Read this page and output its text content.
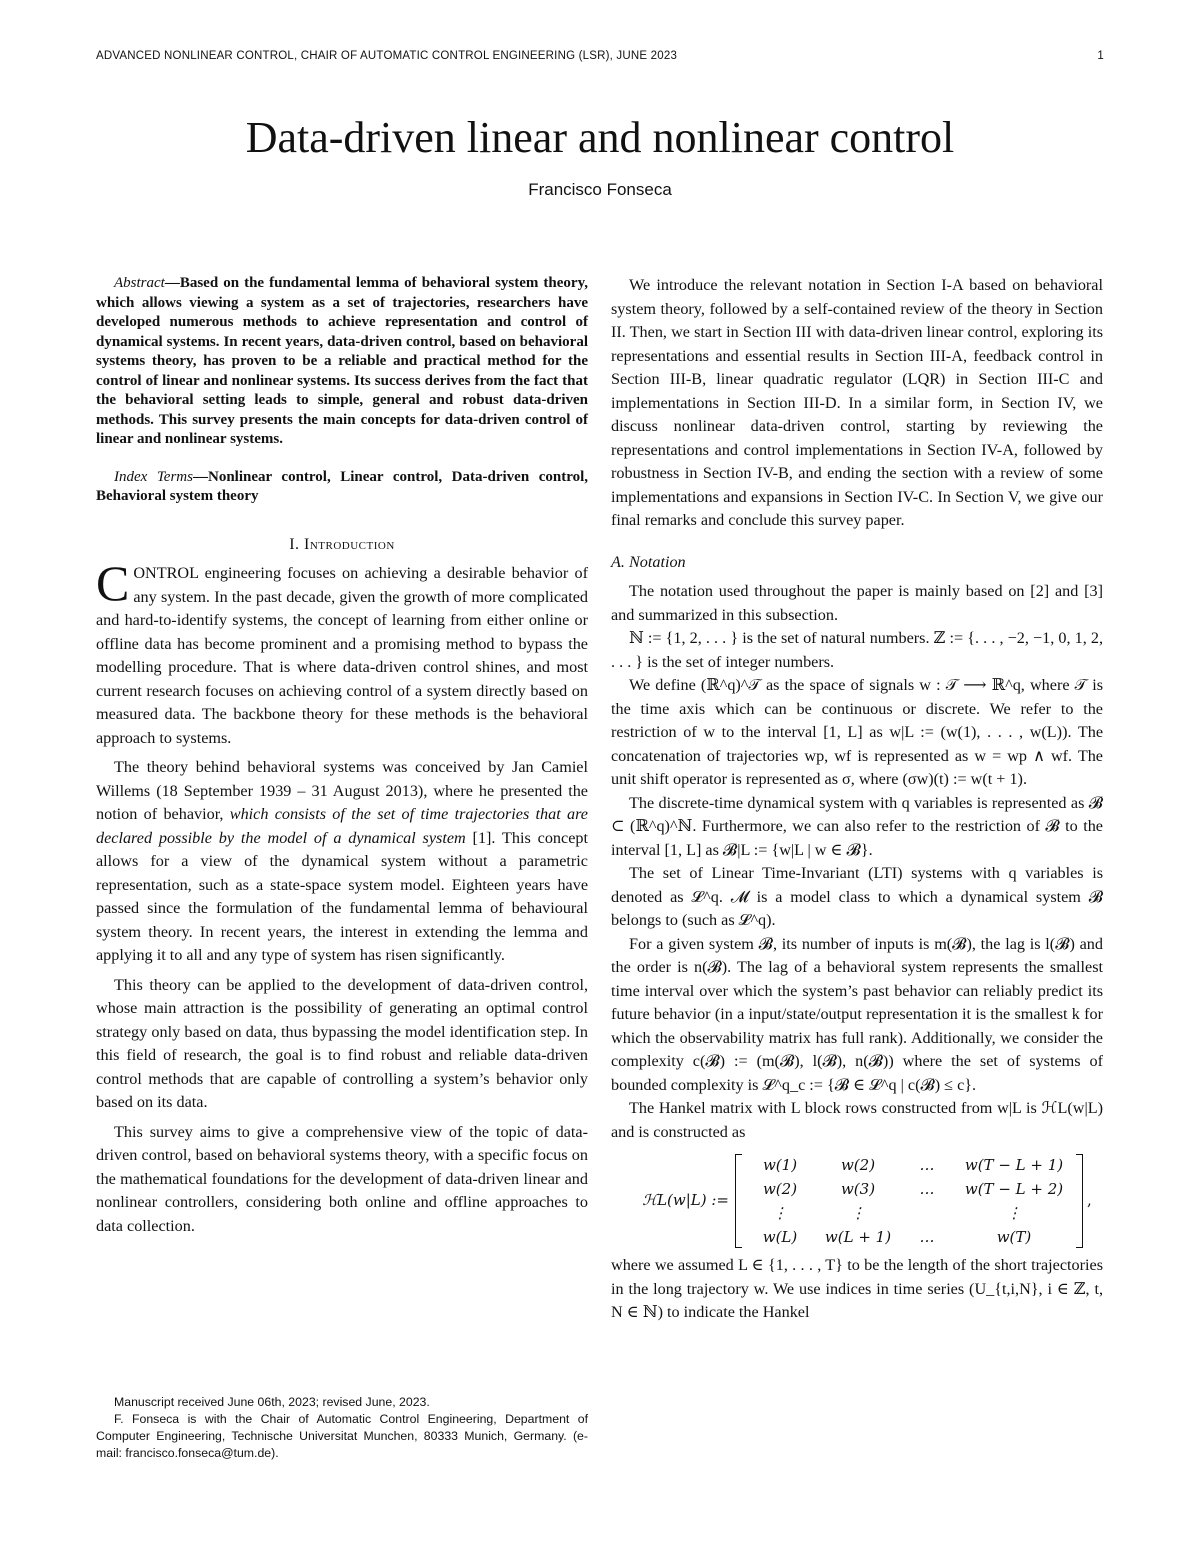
ADVANCED NONLINEAR CONTROL, CHAIR OF AUTOMATIC CONTROL ENGINEERING (LSR), JUNE 2023	1
Data-driven linear and nonlinear control
Francisco Fonseca

Abstract—Based on the fundamental lemma of behavioral system theory, which allows viewing a system as a set of trajectories, researchers have developed numerous methods to achieve representation and control of dynamical systems. In recent years, data-driven control, based on behavioral systems theory, has proven to be a reliable and practical method for the control of linear and nonlinear systems. Its success derives from the fact that the behavioral setting leads to simple, general and robust data-driven methods. This survey presents the main concepts for data-driven control of linear and nonlinear systems.

Index Terms—Nonlinear control, Linear control, Data-driven control, Behavioral system theory

I. Introduction

CONTROL engineering focuses on achieving a desirable behavior of any system. In the past decade, given the growth of more complicated and hard-to-identify systems, the concept of learning from either online or offline data has become prominent and a promising method to bypass the modelling procedure. That is where data-driven control shines, and most current research focuses on achieving control of a system directly based on measured data. The backbone theory for these methods is the behavioral approach to systems.

The theory behind behavioral systems was conceived by Jan Camiel Willems (18 September 1939 – 31 August 2013), where he presented the notion of behavior, which consists of the set of time trajectories that are declared possible by the model of a dynamical system [1]. This concept allows for a view of the dynamical system without a parametric representation, such as a state-space system model. Eighteen years have passed since the formulation of the fundamental lemma of behavioural system theory. In recent years, the interest in extending the lemma and applying it to all and any type of system has risen significantly.

This theory can be applied to the development of data-driven control, whose main attraction is the possibility of generating an optimal control strategy only based on data, thus bypassing the model identification step. In this field of research, the goal is to find robust and reliable data-driven control methods that are capable of controlling a system’s behavior only based on its data.

This survey aims to give a comprehensive view of the topic of data-driven control, based on behavioral systems theory, with a specific focus on the mathematical foundations for the development of data-driven linear and nonlinear controllers, considering both online and offline approaches to data collection.

Manuscript received June 06th, 2023; revised June, 2023.

F. Fonseca is with the Chair of Automatic Control Engineering, Department of Computer Engineering, Technische Universitat Munchen, 80333 Munich, Germany. (e-mail: francisco.fonseca@tum.de).

We introduce the relevant notation in Section I-A based on behavioral system theory, followed by a self-contained review of the theory in Section II. Then, we start in Section III with data-driven linear control, exploring its representations and essential results in Section III-A, feedback control in Section III-B, linear quadratic regulator (LQR) in Section III-C and implementations in Section III-D. In a similar form, in Section IV, we discuss nonlinear data-driven control, starting by reviewing the representations and control implementations in Section IV-A, followed by robustness in Section IV-B, and ending the section with a review of some implementations and expansions in Section IV-C. In Section V, we give our final remarks and conclude this survey paper.

A. Notation

The notation used throughout the paper is mainly based on [2] and [3] and summarized in this subsection.

ℕ := {1, 2, . . . } is the set of natural numbers. ℤ := {. . . , −2, −1, 0, 1, 2, . . . } is the set of integer numbers.

We define (ℝ^q)^𝒯 as the space of signals w : 𝒯 ⟶ ℝ^q, where 𝒯 is the time axis which can be continuous or discrete. We refer to the restriction of w to the interval [1, L] as w|L := (w(1), . . . , w(L)). The concatenation of trajectories wp, wf is represented as w = wp ∧ wf. The unit shift operator is represented as σ, where (σw)(t) := w(t + 1).

The discrete-time dynamical system with q variables is represented as 𝓑 ⊂ (ℝ^q)^ℕ. Furthermore, we can also refer to the restriction of 𝓑 to the interval [1, L] as 𝓑|L := {w|L | w ∈ 𝓑}.

The set of Linear Time-Invariant (LTI) systems with q variables is denoted as 𝓛^q. 𝓜 is a model class to which a dynamical system 𝓑 belongs to (such as 𝓛^q).

For a given system 𝓑, its number of inputs is m(𝓑), the lag is l(𝓑) and the order is n(𝓑). The lag of a behavioral system represents the smallest time interval over which the system’s past behavior can reliably predict its future behavior (in a input/state/output representation it is the smallest k for which the observability matrix has full rank). Additionally, we consider the complexity c(𝓑) := (m(𝓑), l(𝓑), n(𝓑)) where the set of systems of bounded complexity is 𝓛^q_c := {𝓑 ∈ 𝓛^q | c(𝓑) ≤ c}.

The Hankel matrix with L block rows constructed from w|L is ℋL(w|L) and is constructed as

ℋL(w|L) :=
w(1)	w(2)	…	w(T − L + 1)
w(2)	w(3)	…	w(T − L + 2)
⋮	⋮	⋮
w(L)	w(L + 1)	…	w(T)
,

where we assumed L ∈ {1, . . . , T} to be the length of the short trajectories in the long trajectory w. We use indices in time series (U_{t,i,N}, i ∈ ℤ, t, N ∈ ℕ) to indicate the Hankel
